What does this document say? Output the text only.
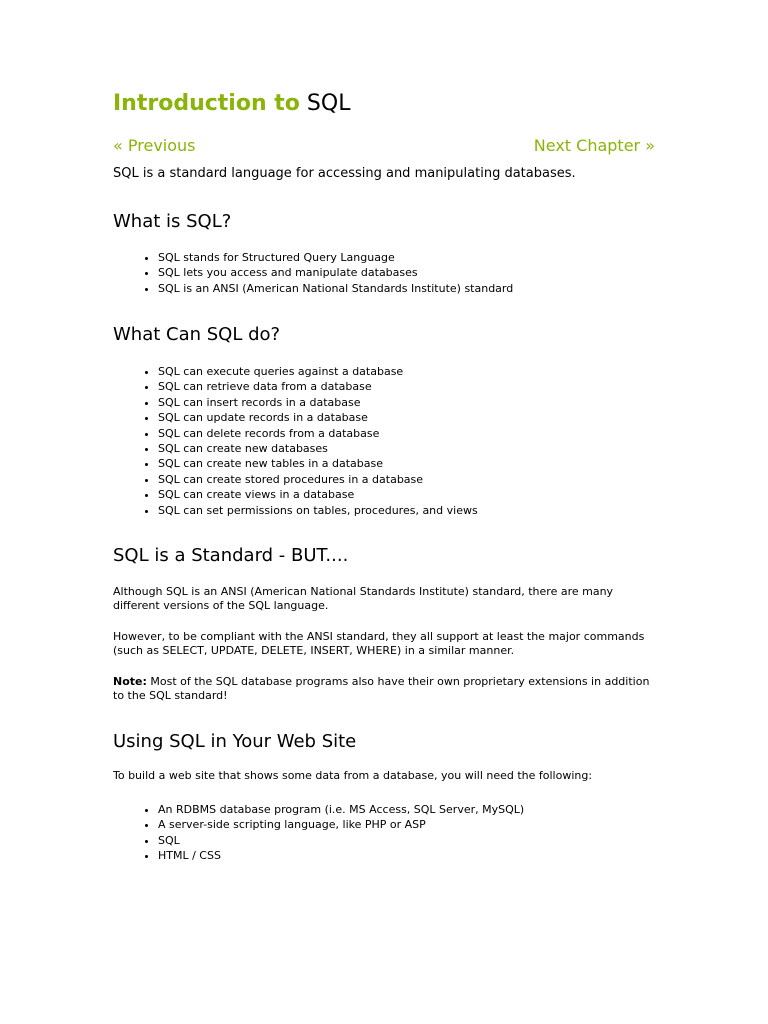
Introduction to SQL
« Previous	Next Chapter »

SQL is a standard language for accessing and manipulating databases.

What is SQL?
• SQL stands for Structured Query Language
• SQL lets you access and manipulate databases
• SQL is an ANSI (American National Standards Institute) standard
What Can SQL do?
• SQL can execute queries against a database
• SQL can retrieve data from a database
• SQL can insert records in a database
• SQL can update records in a database
• SQL can delete records from a database
• SQL can create new databases
• SQL can create new tables in a database
• SQL can create stored procedures in a database
• SQL can create views in a database
• SQL can set permissions on tables, procedures, and views
SQL is a Standard - BUT....

Although SQL is an ANSI (American National Standards Institute) standard, there are many different versions of the SQL language.

However, to be compliant with the ANSI standard, they all support at least the major commands (such as SELECT, UPDATE, DELETE, INSERT, WHERE) in a similar manner.

Note: Most of the SQL database programs also have their own proprietary extensions in addition to the SQL standard!

Using SQL in Your Web Site

To build a web site that shows some data from a database, you will need the following:

• An RDBMS database program (i.e. MS Access, SQL Server, MySQL)
• A server-side scripting language, like PHP or ASP
• SQL
• HTML / CSS
